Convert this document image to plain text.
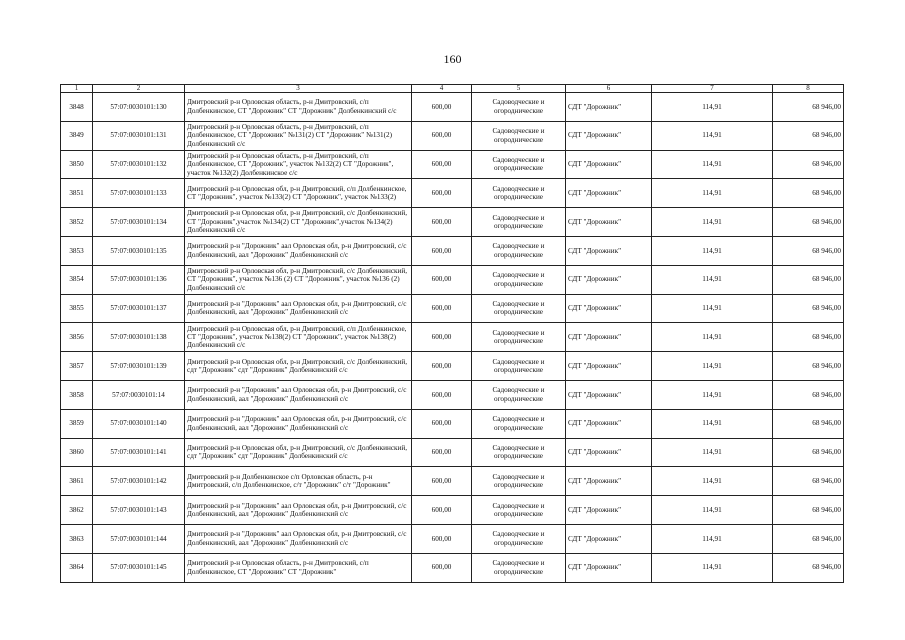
160
1	2	3	4	5	6	7	8
3848	57:07:0030101:130	Дмитровский р-н Орловская область, р-н Дмитровский, с/п Долбенкинское, СТ "Дорожник" СТ "Дорожник" Долбенкинский с/с	600,00	Садоводческие и огороднические	СДТ "Дорожник"	114,91	68 946,00
3849	57:07:0030101:131	Дмитровский р-н Орловская область, р-н Дмитровский, с/п Долбенкинское, СТ "Дорожник" №131(2) СТ "Дорожник" №131(2) Долбенкинский с/с	600,00	Садоводческие и огороднические	СДТ "Дорожник"	114,91	68 946,00
3850	57:07:0030101:132	Дмитровский р-н Орловская область, р-н Дмитровский, с/п Долбенкинское, СТ "Дорожник", участок №132(2) СТ "Дорожник", участок №132(2) Долбенкинское с/с	600,00	Садоводческие и огороднические	СДТ "Дорожник"	114,91	68 946,00
3851	57:07:0030101:133	Дмитровский р-н Орловская обл, р-н Дмитровский, с/п Долбенкинское, СТ "Дорожник", участок №133(2) СТ "Дорожник", участок №133(2)	600,00	Садоводческие и огороднические	СДТ "Дорожник"	114,91	68 946,00
3852	57:07:0030101:134	Дмитровский р-н Орловская обл, р-н Дмитровский, с/с Долбенкинский, СТ "Дорожник",участок №134(2) СТ "Дорожник",участок №134(2) Долбенкинский с/с	600,00	Садоводческие и огороднические	СДТ "Дорожник"	114,91	68 946,00
3853	57:07:0030101:135	Дмитровский р-н "Дорожник" аал Орловская обл, р-н Дмитровский, с/с Долбенкинский, аал "Дорожник" Долбенкинский с/с	600,00	Садоводческие и огороднические	СДТ "Дорожник"	114,91	68 946,00
3854	57:07:0030101:136	Дмитровский р-н Орловская обл, р-н Дмитровский, с/с Долбенкинский, СТ "Дорожник", участок №136 (2) СТ "Дорожник", участок №136 (2) Долбенкинский с/с	600,00	Садоводческие и огороднические	СДТ "Дорожник"	114,91	68 946,00
3855	57:07:0030101:137	Дмитровский р-н "Дорожник" аал Орловская обл, р-н Дмитровский, с/с Долбенкинский, аал "Дорожник" Долбенкинский с/с	600,00	Садоводческие и огороднические	СДТ "Дорожник"	114,91	68 946,00
3856	57:07:0030101:138	Дмитровский р-н Орловская обл, р-н Дмитровский, с/п Долбенкинское, СТ "Дорожник", участок №138(2) СТ "Дорожник", участок №138(2) Долбенкинский с/с	600,00	Садоводческие и огороднические	СДТ "Дорожник"	114,91	68 946,00
3857	57:07:0030101:139	Дмитровский р-н Орловская обл, р-н Дмитровский, с/с Долбенкинский, сдт "Дорожник" сдт "Дорожник" Долбенкинский с/с	600,00	Садоводческие и огороднические	СДТ "Дорожник"	114,91	68 946,00
3858	57:07:0030101:14	Дмитровский р-н "Дорожник" аал Орловская обл, р-н Дмитровский, с/с Долбенкинский, аал "Дорожник" Долбенкинский с/с	600,00	Садоводческие и огороднические	СДТ "Дорожник"	114,91	68 946,00
3859	57:07:0030101:140	Дмитровский р-н "Дорожник" аал Орловская обл, р-н Дмитровский, с/с Долбенкинский, аал "Дорожник" Долбенкинский с/с	600,00	Садоводческие и огороднические	СДТ "Дорожник"	114,91	68 946,00
3860	57:07:0030101:141	Дмитровский р-н Орловская обл, р-н Дмитровский, с/с Долбенкинский, сдт "Дорожник" сдт "Дорожник" Долбенкинский с/с	600,00	Садоводческие и огороднические	СДТ "Дорожник"	114,91	68 946,00
3861	57:07:0030101:142	Дмитровский р-н Долбенкинское с/п Орловская область, р-н Дмитровский, с/п Долбенкинское, с/т "Дорожник" с/т "Дорожник"	600,00	Садоводческие и огороднические	СДТ "Дорожник"	114,91	68 946,00
3862	57:07:0030101:143	Дмитровский р-н "Дорожник" аал Орловская обл, р-н Дмитровский, с/с Долбенкинский, аал "Дорожник" Долбенкинский с/с	600,00	Садоводческие и огороднические	СДТ "Дорожник"	114,91	68 946,00
3863	57:07:0030101:144	Дмитровский р-н "Дорожник" аал Орловская обл, р-н Дмитровский, с/с Долбенкинский, аал "Дорожник" Долбенкинский с/с	600,00	Садоводческие и огороднические	СДТ "Дорожник"	114,91	68 946,00
3864	57:07:0030101:145	Дмитровский р-н Орловская область, р-н Дмитровский, с/п Долбенкинское, СТ "Дорожник" СТ "Дорожник"	600,00	Садоводческие и огороднические	СДТ "Дорожник"	114,91	68 946,00
